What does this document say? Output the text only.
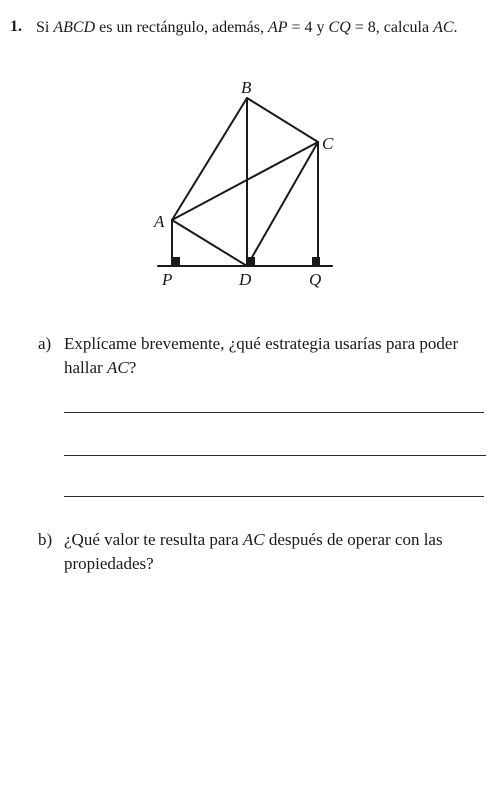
1. Si ABCD es un rectángulo, además, AP = 4 y CQ = 8, calcula AC.
B
C
A
P	D	Q
a) Explícame brevemente, ¿qué estrategia usarías para poder hallar AC?
b) ¿Qué valor te resulta para AC después de operar con las propiedades?
